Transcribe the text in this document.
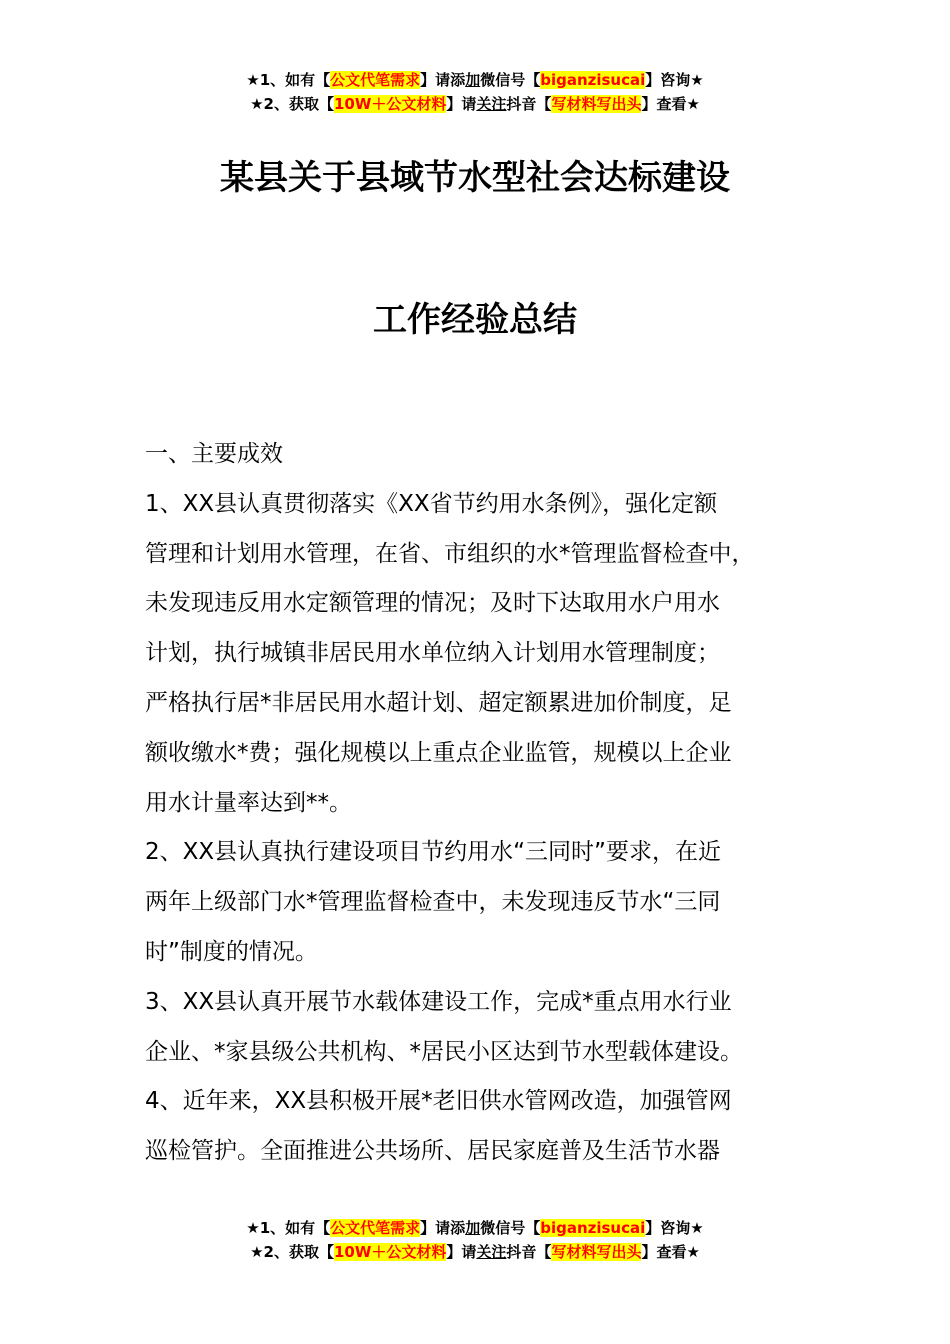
★1、如有【公文代笔需求】请添加微信号【biganzisucai】咨询★
★2、获取【10W＋公文材料】请关注抖音【写材料写出头】查看★
某县关于县域节水型社会达标建设
工作经验总结

一、主要成效

1、XX县认真贯彻落实《XX省节约用水条例》，强化定额

管理和计划用水管理，在省、市组织的水*管理监督检查中，

未发现违反用水定额管理的情况；及时下达取用水户用水

计划，执行城镇非居民用水单位纳入计划用水管理制度；

严格执行居*非居民用水超计划、超定额累进加价制度，足

额收缴水*费；强化规模以上重点企业监管，规模以上企业

用水计量率达到**。

2、XX县认真执行建设项目节约用水“三同时”要求，在近

两年上级部门水*管理监督检查中，未发现违反节水“三同

时”制度的情况。

3、XX县认真开展节水载体建设工作，完成*重点用水行业

企业、*家县级公共机构、*居民小区达到节水型载体建设。

4、近年来，XX县积极开展*老旧供水管网改造，加强管网

巡检管护。全面推进公共场所、居民家庭普及生活节水器

★1、如有【公文代笔需求】请添加微信号【biganzisucai】咨询★
★2、获取【10W＋公文材料】请关注抖音【写材料写出头】查看★
